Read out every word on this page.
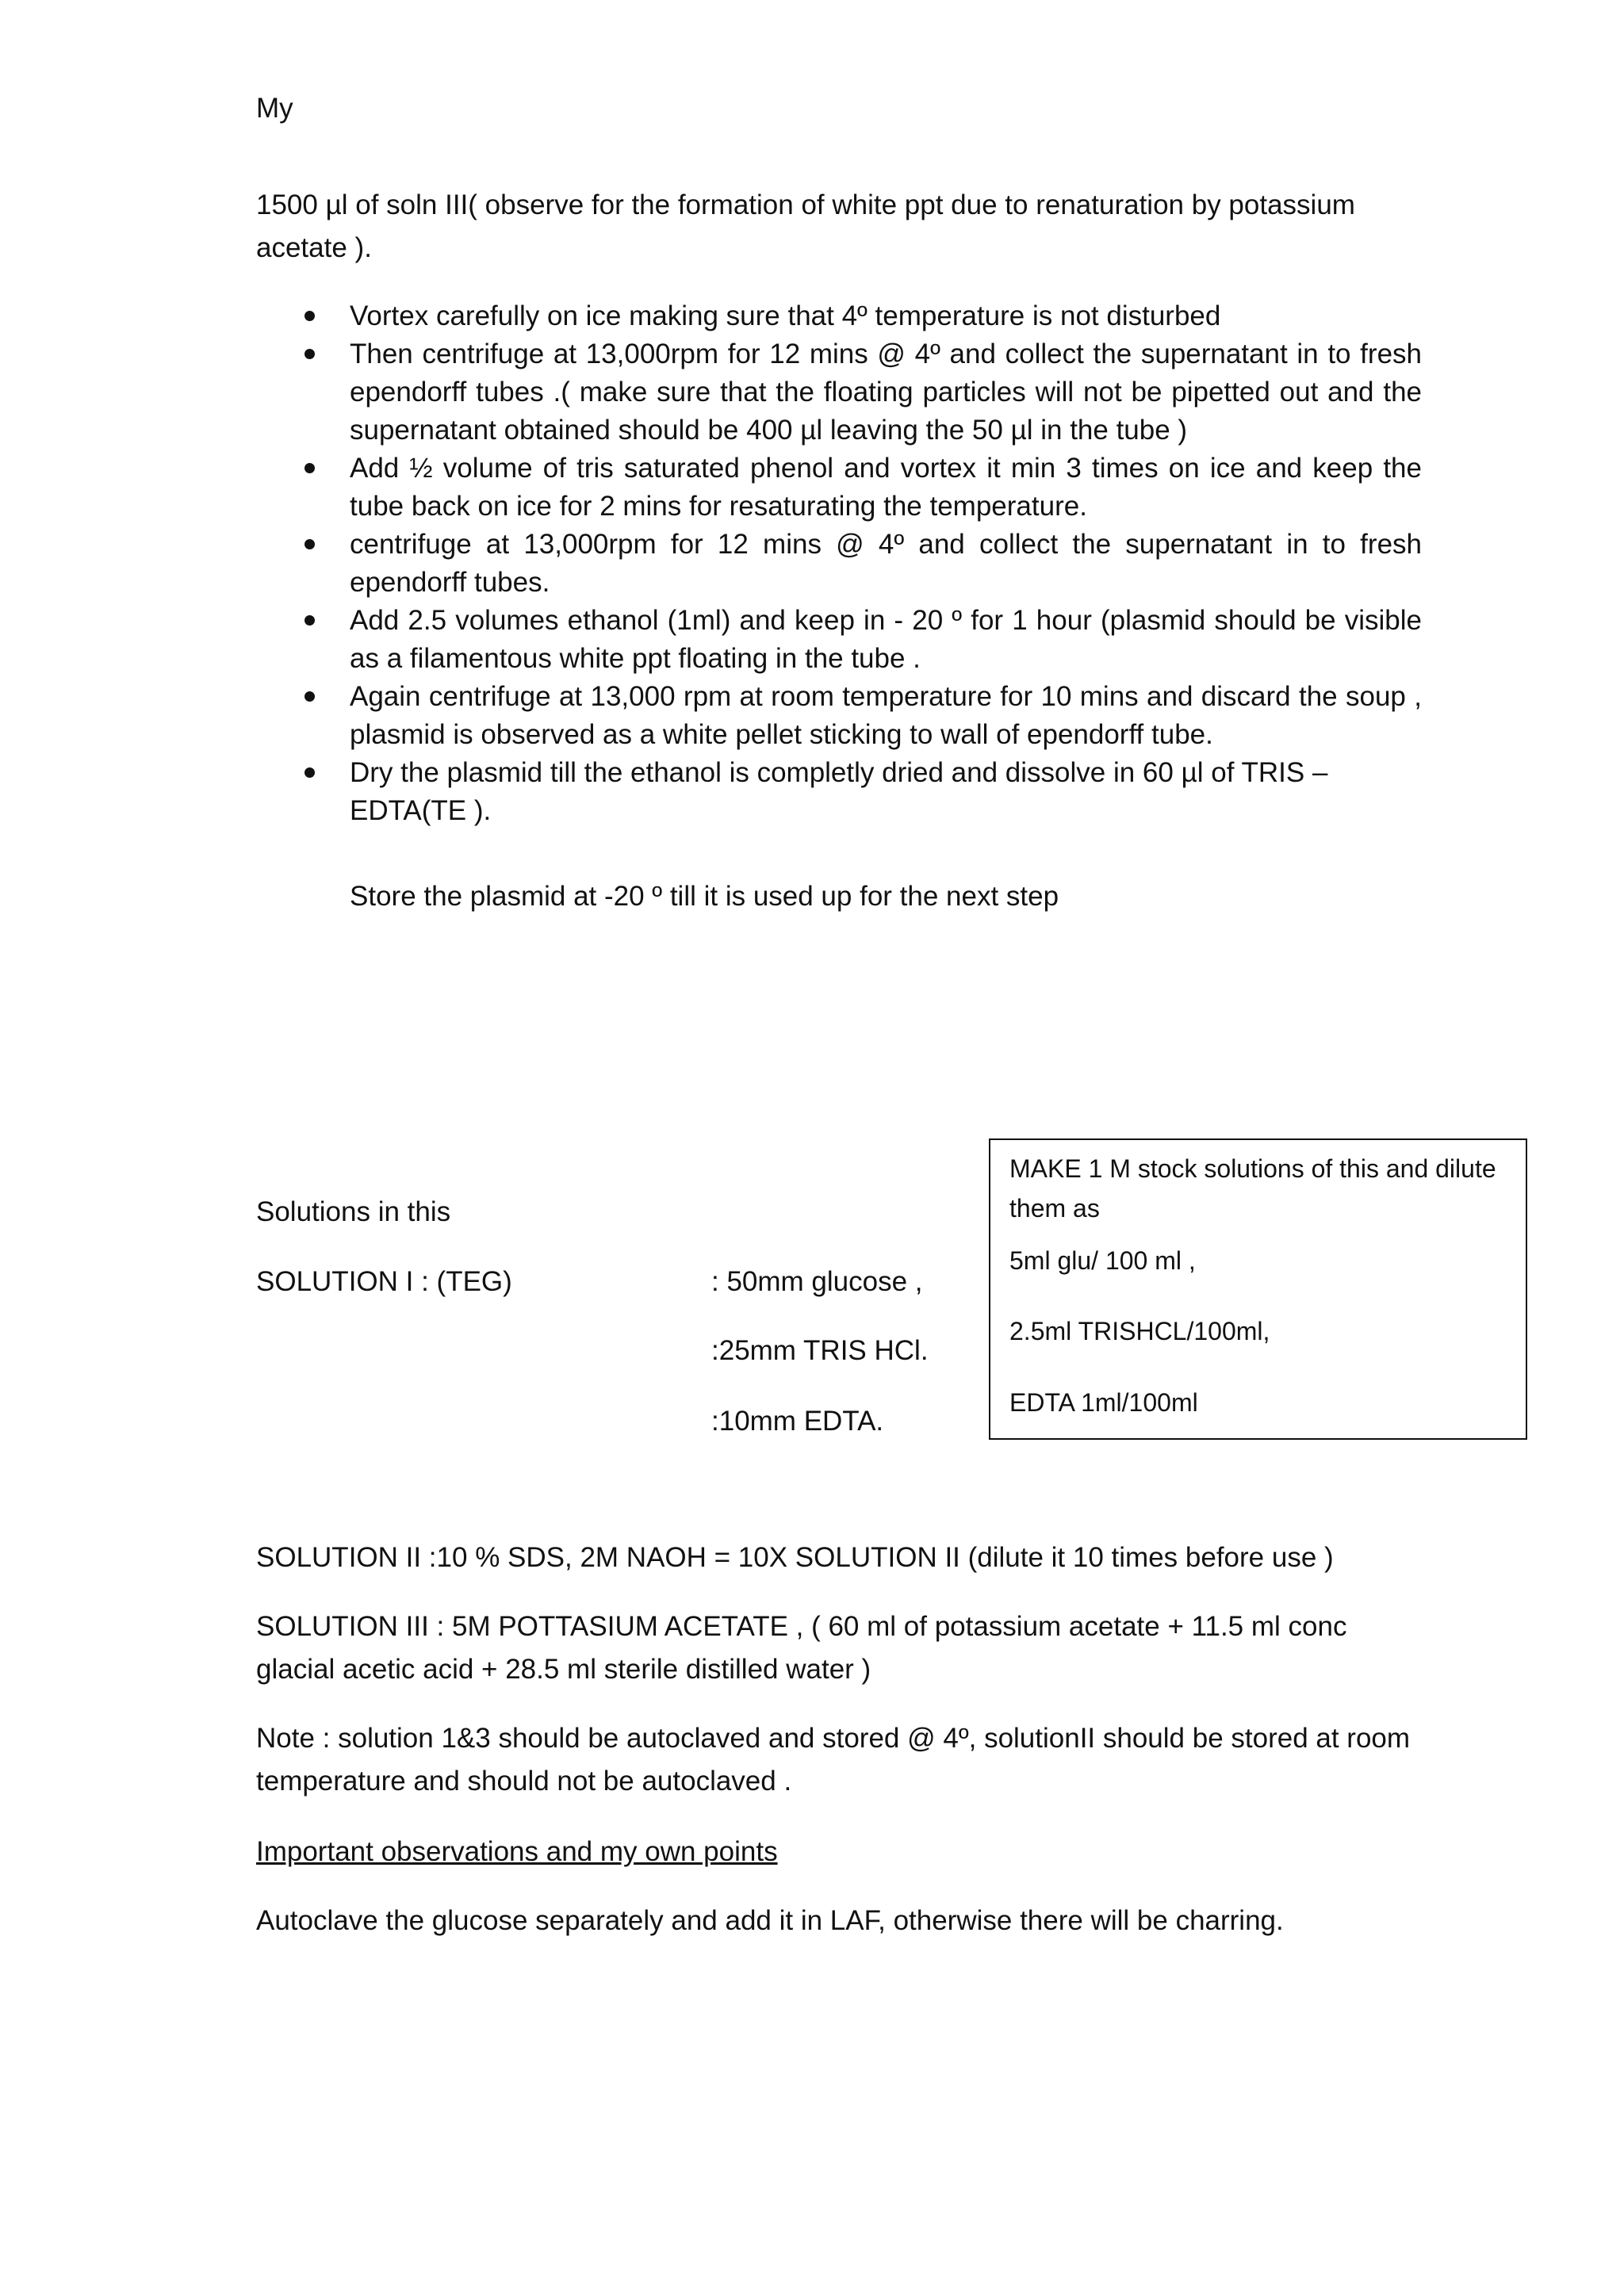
My
1500 µl of soln III( observe for the formation of white ppt due to renaturation by potassium acetate ).
Vortex carefully on ice making sure that 4º temperature is not disturbed
Then centrifuge at 13,000rpm for 12 mins @ 4º and collect the supernatant in to fresh ependorff tubes .( make sure that the floating particles will not be pipetted out and the supernatant obtained should be 400 µl leaving the 50 µl in the tube )
Add ½ volume of tris saturated phenol and vortex it min 3 times on ice and keep the tube back on ice for 2 mins for resaturating the temperature.
centrifuge at 13,000rpm for 12 mins @ 4º and collect the supernatant in to fresh ependorff tubes.
Add 2.5 volumes ethanol (1ml) and keep in - 20 º for 1 hour (plasmid should be visible as a filamentous white ppt floating in the tube .
Again centrifuge at 13,000 rpm at room temperature for 10 mins and discard the soup , plasmid is observed as a white pellet sticking to wall of ependorff tube.
Dry the plasmid till the ethanol is completly dried and dissolve in 60 µl of TRIS –EDTA(TE ).
Store the plasmid at -20 º till it is used up for the next step
MAKE 1 M stock solutions of this and dilute them as
5ml glu/ 100 ml ,
2.5ml TRISHCL/100ml,
EDTA 1ml/100ml
Solutions in this
SOLUTION I : (TEG)	: 50mm glucose ,
:25mm TRIS HCl.
:10mm EDTA.
SOLUTION II :10 % SDS, 2M NAOH = 10X SOLUTION II (dilute it 10 times before use )
SOLUTION III : 5M POTTASIUM ACETATE , ( 60 ml of potassium acetate + 11.5 ml conc glacial acetic acid + 28.5 ml sterile distilled water )
Note : solution 1&3 should be autoclaved and stored @ 4º, solutionII should be stored at room temperature and should not be autoclaved .
Important observations and my own points
Autoclave the glucose separately and add it in LAF, otherwise there will be charring.
